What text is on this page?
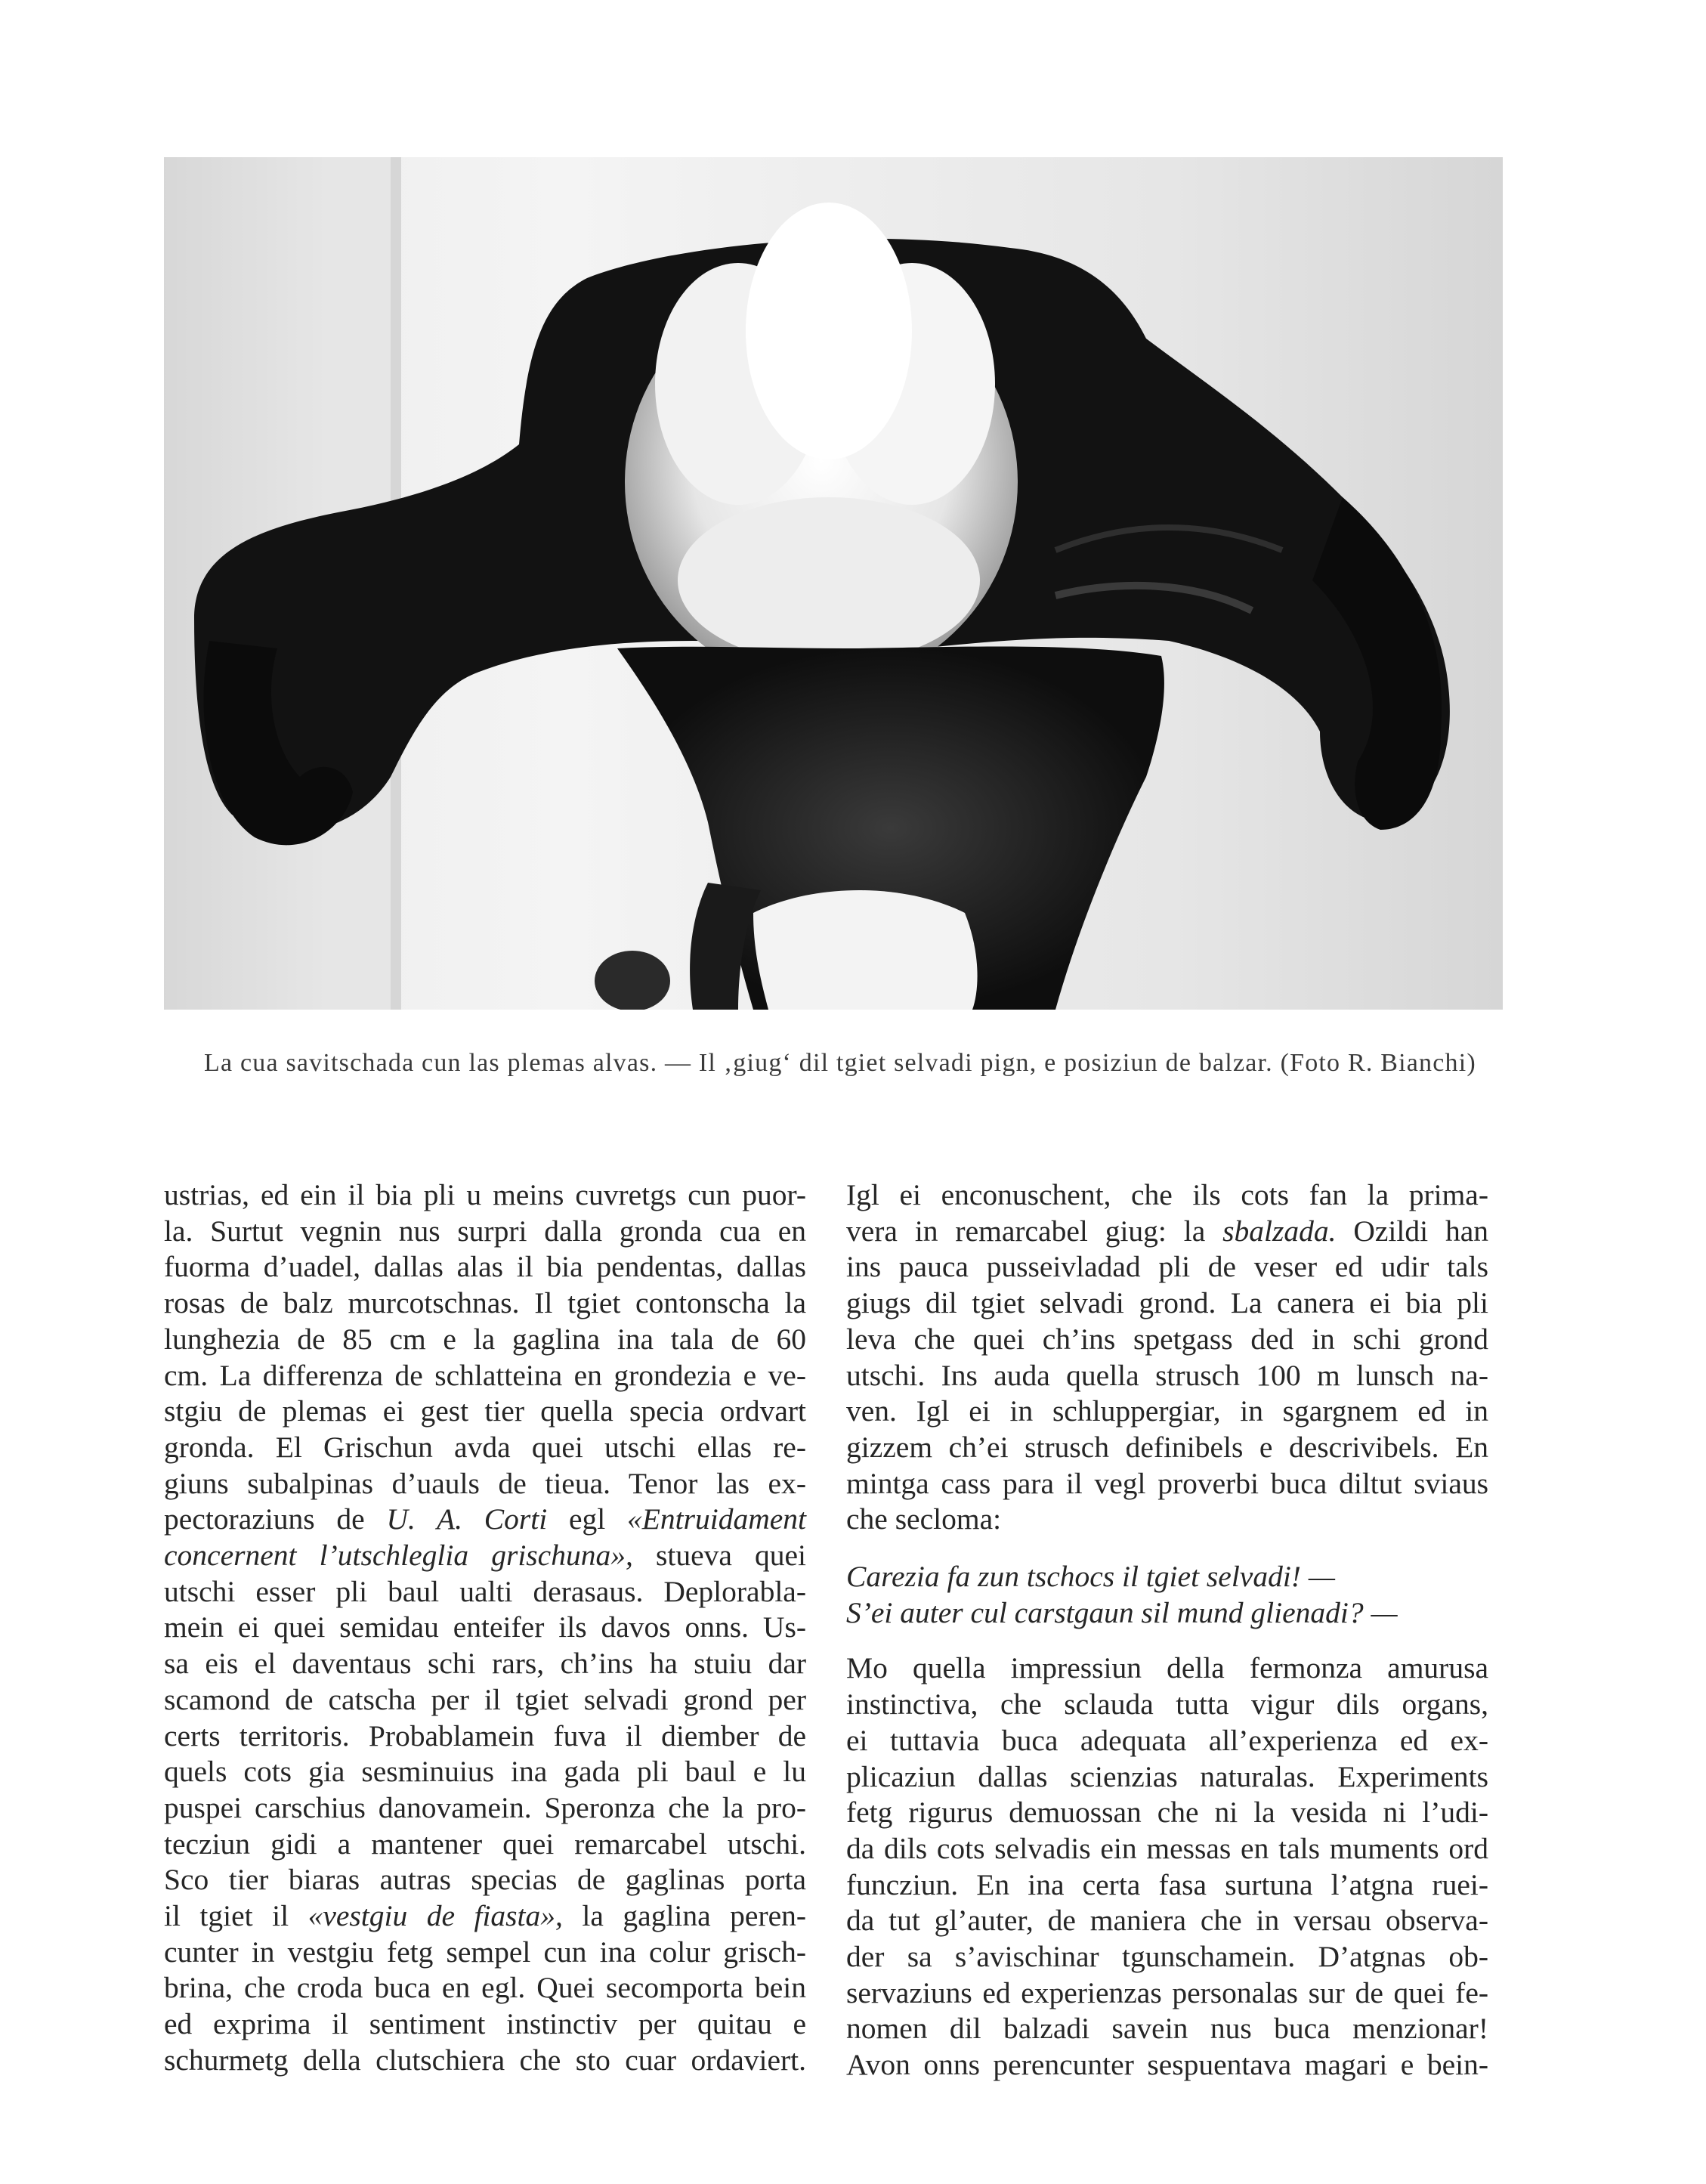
La cua savitschada cun las plemas alvas. — Il ‚giug‘ dil tgiet selvadi pign, e posiziun de balzar. (Foto R. Bianchi)
ustrias, ed ein il bia pli u meins cuvretgs cun puor-
la. Surtut vegnin nus surpri dalla gronda cua en
fuorma d’uadel, dallas alas il bia pendentas, dallas
rosas de balz murcotschnas. Il tgiet contonscha la
lunghezia de 85 cm e la gaglina ina tala de 60
cm. La differenza de schlatteina en grondezia e ve-
stgiu de plemas ei gest tier quella specia ordvart
gronda. El Grischun avda quei utschi ellas re-
giuns subalpinas d’uauls de tieua. Tenor las ex-
pectoraziuns de U. A. Corti egl «Entruidament
concernent l’utschleglia grischuna», stueva quei
utschi esser pli baul ualti derasaus. Deplorabla-
mein ei quei semidau enteifer ils davos onns. Us-
sa eis el daventaus schi rars, ch’ins ha stuiu dar
scamond de catscha per il tgiet selvadi grond per
certs territoris. Probablamein fuva il diember de
quels cots gia sesminuius ina gada pli baul e lu
puspei carschius danovamein. Speronza che la pro-
tecziun gidi a mantener quei remarcabel utschi.
Sco tier biaras autras specias de gaglinas porta
il tgiet il «vestgiu de fiasta», la gaglina peren-
cunter in vestgiu fetg sempel cun ina colur grisch-
brina, che croda buca en egl. Quei secomporta bein
ed exprima il sentiment instinctiv per quitau e
schurmetg della clutschiera che sto cuar ordaviert.
Igl ei enconuschent, che ils cots fan la prima-
vera in remarcabel giug: la sbalzada. Ozildi han
ins pauca pusseivladad pli de veser ed udir tals
giugs dil tgiet selvadi grond. La canera ei bia pli
leva che quei ch’ins spetgass ded in schi grond
utschi. Ins auda quella strusch 100 m lunsch na-
ven. Igl ei in schluppergiar, in sgargnem ed in
gizzem ch’ei strusch definibels e descrivibels. En
mintga cass para il vegl proverbi buca diltut sviaus
che secloma:
Carezia fa zun tschocs il tgiet selvadi! —
S’ei auter cul carstgaun sil mund glienadi? —
Mo quella impressiun della fermonza amurusa
instinctiva, che sclauda tutta vigur dils organs,
ei tuttavia buca adequata all’experienza ed ex-
plicaziun dallas scienzias naturalas. Experiments
fetg rigurus demuossan che ni la vesida ni l’udi-
da dils cots selvadis ein messas en tals muments ord
funcziun. En ina certa fasa surtuna l’atgna ruei-
da tut gl’auter, de maniera che in versau observa-
der sa s’avischinar tgunschamein. D’atgnas ob-
servaziuns ed experienzas personalas sur de quei fe-
nomen dil balzadi savein nus buca menzionar!
Avon onns perencunter sespuentava magari e bein-
